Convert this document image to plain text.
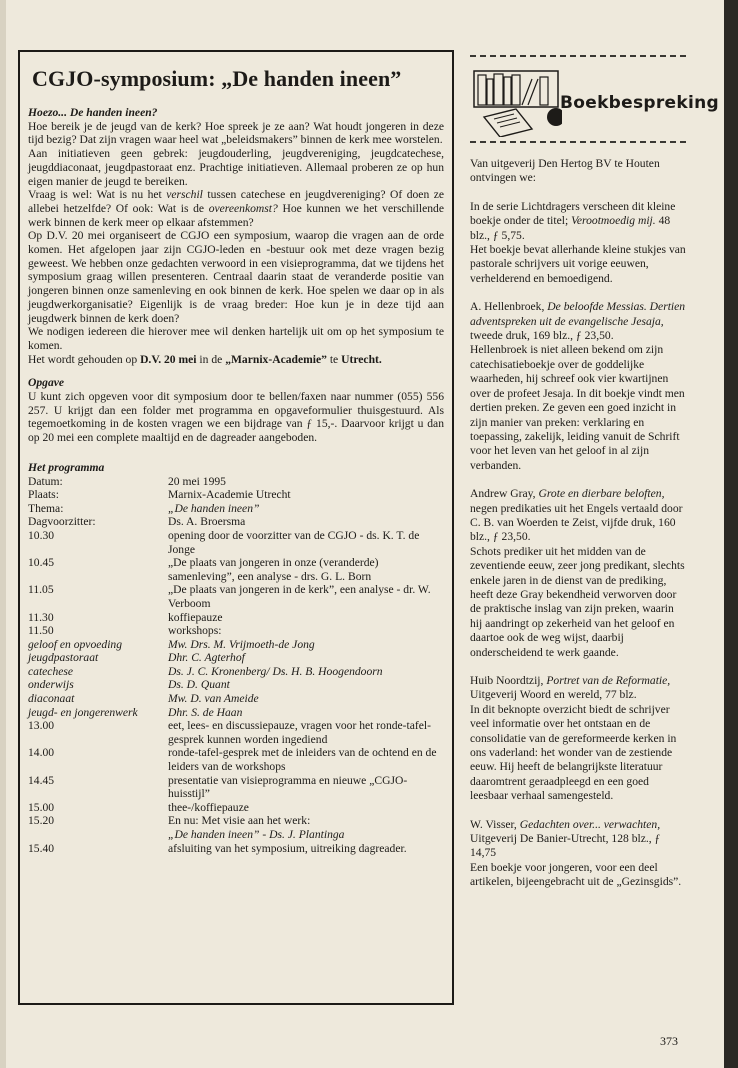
CGJO-symposium: „De handen ineen”

Hoezo... De handen ineen?

Hoe bereik je de jeugd van de kerk? Hoe spreek je ze aan? Wat houdt jongeren in deze tijd bezig? Dat zijn vragen waar heel wat „beleidsmakers” binnen de kerk mee worstelen.

Aan initiatieven geen gebrek: jeugdouderling, jeugdvereniging, jeugdcatechese, jeugddiaconaat, jeugdpastoraat enz. Prachtige initiatieven. Allemaal proberen ze op hun eigen manier de jeugd te bereiken.

Vraag is wel: Wat is nu het verschil tussen catechese en jeugdvereniging? Of doen ze allebei hetzelfde? Of ook: Wat is de overeenkomst? Hoe kunnen we het verschillende werk binnen de kerk meer op elkaar afstemmen?

Op D.V. 20 mei organiseert de CGJO een symposium, waarop die vragen aan de orde komen. Het afgelopen jaar zijn CGJO-leden en -bestuur ook met deze vragen bezig geweest. We hebben onze gedachten verwoord in een visieprogramma, dat we tijdens het symposium graag willen presenteren. Centraal daarin staat de veranderde positie van jongeren binnen onze samenleving en ook binnen de kerk. Hoe spelen we daar op in als jeugdwerkorganisatie? Eigenlijk is de vraag breder: Hoe kun je in deze tijd aan jeugdwerk binnen de kerk doen?

We nodigen iedereen die hierover mee wil denken hartelijk uit om op het symposium te komen.

Het wordt gehouden op D.V. 20 mei in de „Marnix-Academie” te Utrecht.

Opgave

U kunt zich opgeven voor dit symposium door te bellen/faxen naar nummer (055) 556 257. U krijgt dan een folder met programma en opgaveformulier thuisgestuurd. Als tegemoetkoming in de kosten vragen we een bijdrage van ƒ 15,-. Daarvoor krijgt u dan op 20 mei een complete maaltijd en de dagreader aangeboden.

Het programma

Datum:	20 mei 1995
Plaats:	Marnix-Academie Utrecht
Thema:	„De handen ineen”
Dagvoorzitter:	Ds. A. Broersma
10.30	opening door de voorzitter van de CGJO - ds. K. T. de Jonge
10.45	„De plaats van jongeren in onze (veranderde) samenleving”, een analyse - drs. G. L. Born
11.05	„De plaats van jongeren in de kerk”, een analyse - dr. W. Verboom
11.30	koffiepauze
11.50	workshops:
geloof en opvoeding	Mw. Drs. M. Vrijmoeth-de Jong
jeugdpastoraat	Dhr. C. Agterhof
catechese	Ds. J. C. Kronenberg/ Ds. H. B. Hoogendoorn
onderwijs	Ds. D. Quant
diaconaat	Mw. D. van Ameide
jeugd- en jongerenwerk	Dhr. S. de Haan
13.00	eet, lees- en discussiepauze, vragen voor het ronde-tafel-gesprek kunnen worden ingediend
14.00	ronde-tafel-gesprek met de inleiders van de ochtend en de leiders van de workshops
14.45	presentatie van visieprogramma en nieuwe „CGJO-huisstijl”
15.00	thee-/koffiepauze
15.20	En nu: Met visie aan het werk:
„De handen ineen” - Ds. J. Plantinga
15.40	afsluiting van het symposium, uitreiking dagreader.
Boekbespreking

Van uitgeverij Den Hertog BV te Houten ontvingen we:

In de serie Lichtdragers verscheen dit kleine boekje onder de titel; Verootmoedig mij. 48 blz., ƒ 5,75.

Het boekje bevat allerhande kleine stukjes van pastorale schrijvers uit vorige eeuwen, verhelderend en bemoedigend.

A. Hellenbroek, De beloofde Messias. Dertien adventspreken uit de evangelische Jesaja, tweede druk, 169 blz., ƒ 23,50.

Hellenbroek is niet alleen bekend om zijn catechisatieboekje over de goddelijke waarheden, hij schreef ook vier kwartijnen over de profeet Jesaja. In dit boekje vindt men dertien preken. Ze geven een goed inzicht in zijn manier van preken: verklaring en toepassing, zakelijk, leiding vanuit de Schrift voor het leven van het geloof in al zijn verbanden.

Andrew Gray, Grote en dierbare beloften, negen predikaties uit het Engels vertaald door C. B. van Woerden te Zeist, vijfde druk, 160 blz., ƒ 23,50.

Schots prediker uit het midden van de zeventiende eeuw, zeer jong predikant, slechts enkele jaren in de dienst van de prediking, heeft deze Gray bekendheid verworven door de praktische inslag van zijn preken, waarin hij aandringt op zekerheid van het geloof en daartoe ook de weg wijst, daarbij onderscheidend te werk gaande.

Huib Noordtzij, Portret van de Reformatie, Uitgeverij Woord en wereld, 77 blz.

In dit beknopte overzicht biedt de schrijver veel informatie over het ontstaan en de consolidatie van de gereformeerde kerken in ons vaderland: het wonder van de zestiende eeuw. Hij heeft de belangrijkste literatuur daaromtrent geraadpleegd en een goed leesbaar verhaal samengesteld.

W. Visser, Gedachten over... verwachten, Uitgeverij De Banier-Utrecht, 128 blz., ƒ 14,75

Een boekje voor jongeren, voor een deel artikelen, bijeengebracht uit de „Gezinsgids”.

373
